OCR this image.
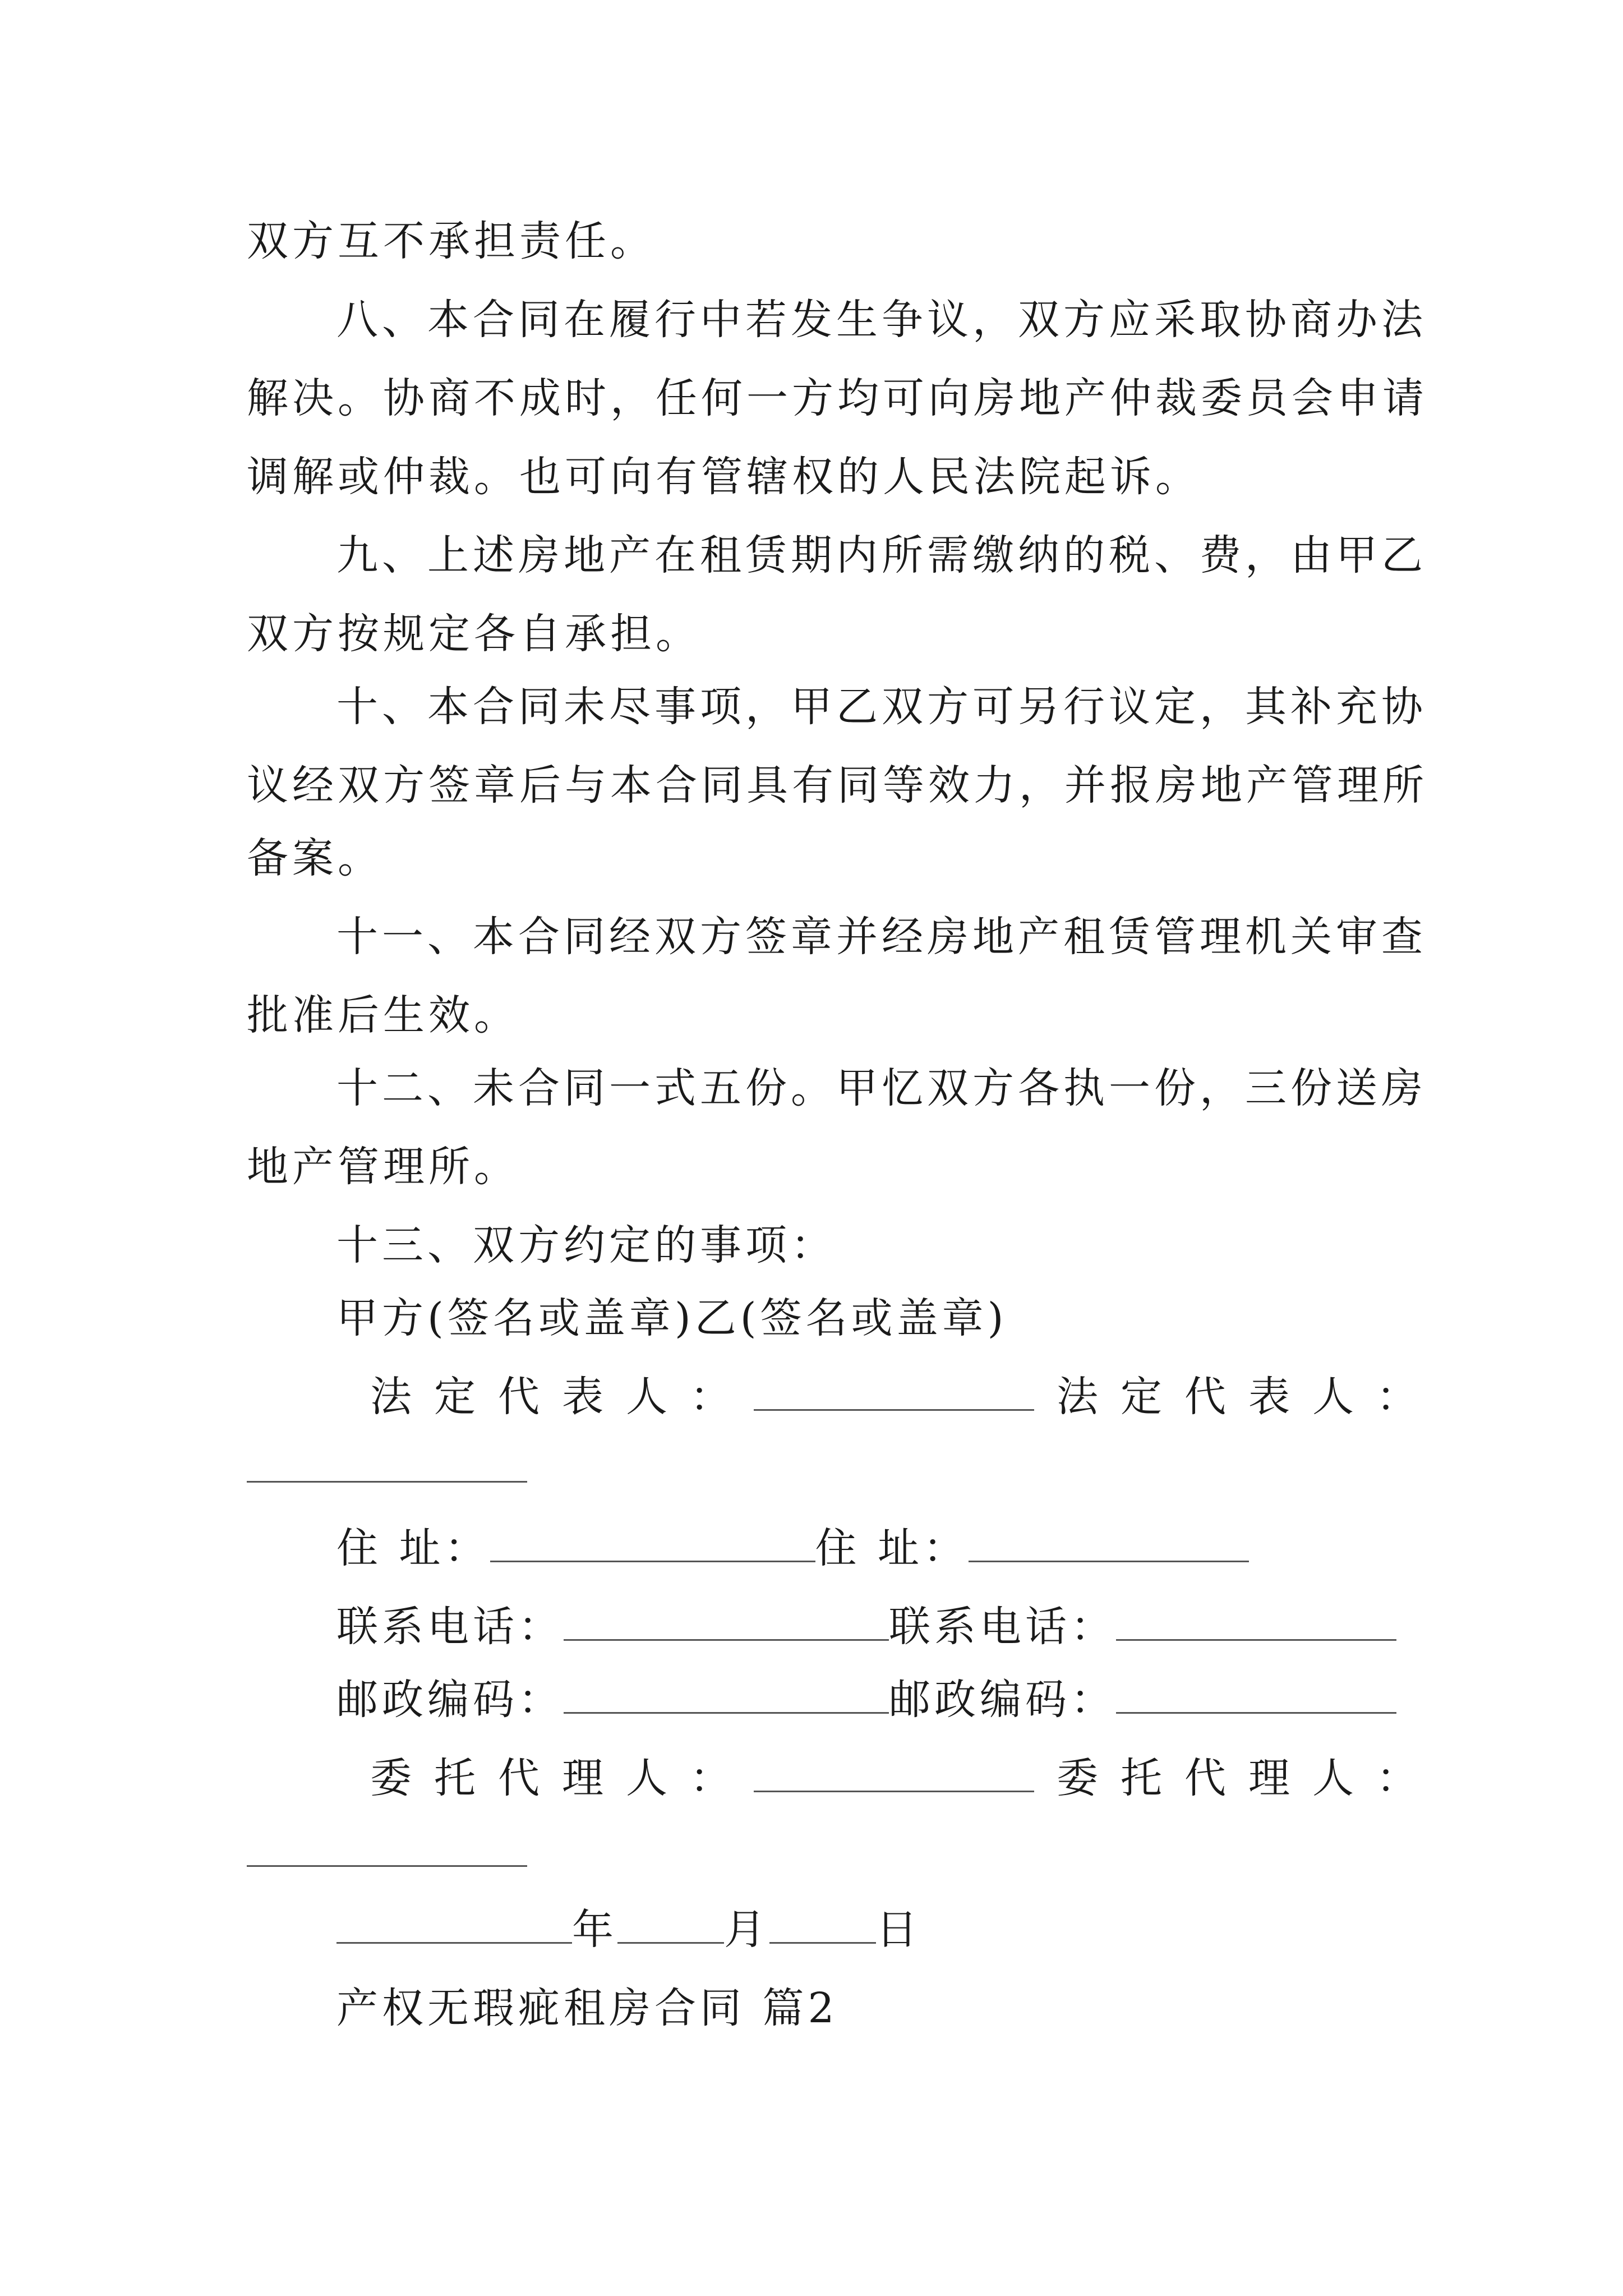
双方互不承担责任。
八、本合同在履行中若发生争议，双方应采取协商办法
解决。协商不成时，任何一方均可向房地产仲裁委员会申请
调解或仲裁。也可向有管辖权的人民法院起诉。
九、上述房地产在租赁期内所需缴纳的税、费，由甲乙
双方按规定各自承担。
十、本合同未尽事项，甲乙双方可另行议定，其补充协
议经双方签章后与本合同具有同等效力，并报房地产管理所
备案。
十一、本合同经双方签章并经房地产租赁管理机关审查
批准后生效。
十二、未合同一式五份。甲忆双方各执一份，三份送房
地产管理所。
十三、双方约定的事项：
甲方(签名或盖章)乙(签名或盖章)
法定代表人：	法定代表人：
住 址：	住 址：
联系电话：	联系电话：
邮政编码：	邮政编码：
委托代理人：	委托代理人：
年	月	日
产权无瑕疵租房合同 篇2
